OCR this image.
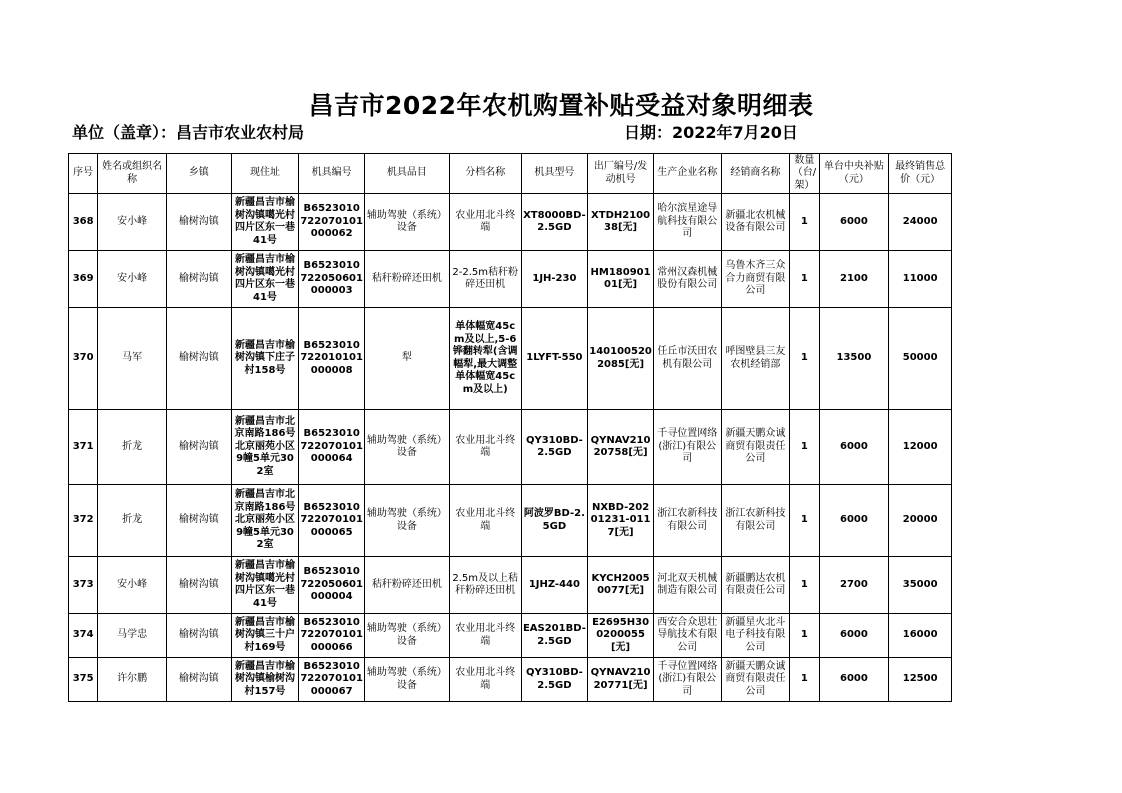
昌吉市2022年农机购置补贴受益对象明细表
单位（盖章）：昌吉市农业农村局	日期：2022年7月20日
序号	姓名或组织名称	乡镇	现住址	机具编号	机具品目	分档名称	机具型号	出厂编号/发动机号	生产企业名称	经销商名称	数量（台/架）	单台中央补贴（元）	最终销售总价（元）
368	安小峰	榆树沟镇	新疆昌吉市榆树沟镇噶光村四片区东一巷41号	B6523010722070101000062	辅助驾驶（系统）设备	农业用北斗终端	XT8000BD-2.5GD	XTDH210038[无]	哈尔滨星途导航科技有限公司	新疆北农机械设备有限公司	1	6000	24000
369	安小峰	榆树沟镇	新疆昌吉市榆树沟镇噶光村四片区东一巷41号	B6523010722050601000003	秸秆粉碎还田机	2-2.5m秸秆粉碎还田机	1JH-230	HM18090101[无]	常州汉森机械股份有限公司	乌鲁木齐三众合力商贸有限公司	1	2100	11000
370	马军	榆树沟镇	新疆昌吉市榆树沟镇下庄子村158号	B6523010722010101000008	犁	单体幅宽45cm及以上,5-6铧翻转犁(含调幅犁,最大调整单体幅宽45cm及以上)	1LYFT-550	1401005202085[无]	任丘市沃田农机有限公司	呼图壁县三友农机经销部	1	13500	50000
371	折龙	榆树沟镇	新疆昌吉市北京南路186号北京丽苑小区9幢5单元302室	B6523010722070101000064	辅助驾驶（系统）设备	农业用北斗终端	QY310BD-2.5GD	QYNAV21020758[无]	千寻位置网络(浙江)有限公司	新疆天鹏众诚商贸有限责任公司	1	6000	12000
372	折龙	榆树沟镇	新疆昌吉市北京南路186号北京丽苑小区9幢5单元302室	B6523010722070101000065	辅助驾驶（系统）设备	农业用北斗终端	阿波罗BD-2.5GD	NXBD-20201231-0117[无]	浙江农新科技有限公司	浙江农新科技有限公司	1	6000	20000
373	安小峰	榆树沟镇	新疆昌吉市榆树沟镇噶光村四片区东一巷41号	B6523010722050601000004	秸秆粉碎还田机	2.5m及以上秸秆粉碎还田机	1JHZ-440	KYCH20050077[无]	河北双天机械制造有限公司	新疆鹏达农机有限责任公司	1	2700	35000
374	马学忠	榆树沟镇	新疆昌吉市榆树沟镇三十户村169号	B6523010722070101000066	辅助驾驶（系统）设备	农业用北斗终端	EAS201BD-2.5GD	E2695H300200055[无]	西安合众思壮导航技术有限公司	新疆星火北斗电子科技有限公司	1	6000	16000
375	许尔鹏	榆树沟镇	新疆昌吉市榆树沟镇榆树沟村157号	B6523010722070101000067	辅助驾驶（系统）设备	农业用北斗终端	QY310BD-2.5GD	QYNAV21020771[无]	千寻位置网络(浙江)有限公司	新疆天鹏众诚商贸有限责任公司	1	6000	12500
